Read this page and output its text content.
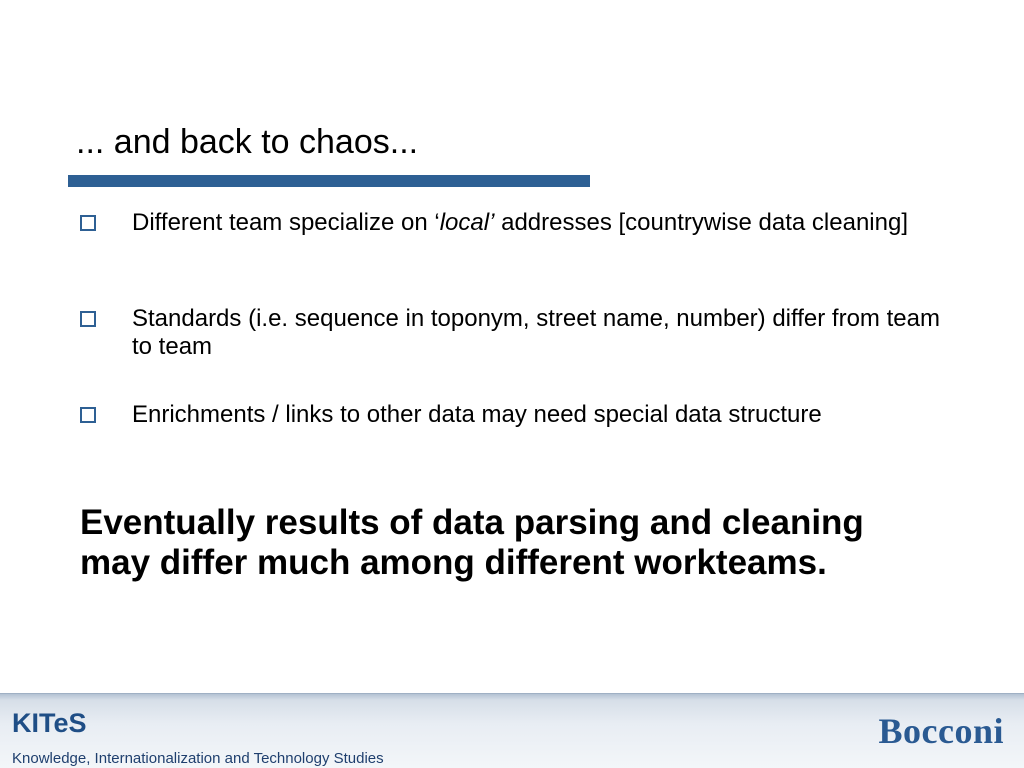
... and back to chaos...
Different team specialize on ‘local’ addresses [countrywise data cleaning]
Standards (i.e. sequence in toponym, street name, number) differ from team to team
Enrichments / links to other data may need special data structure
Eventually results of data parsing and cleaning may differ much among different workteams.
KITeS
Knowledge, Internationalization and Technology Studies
Bocconi
